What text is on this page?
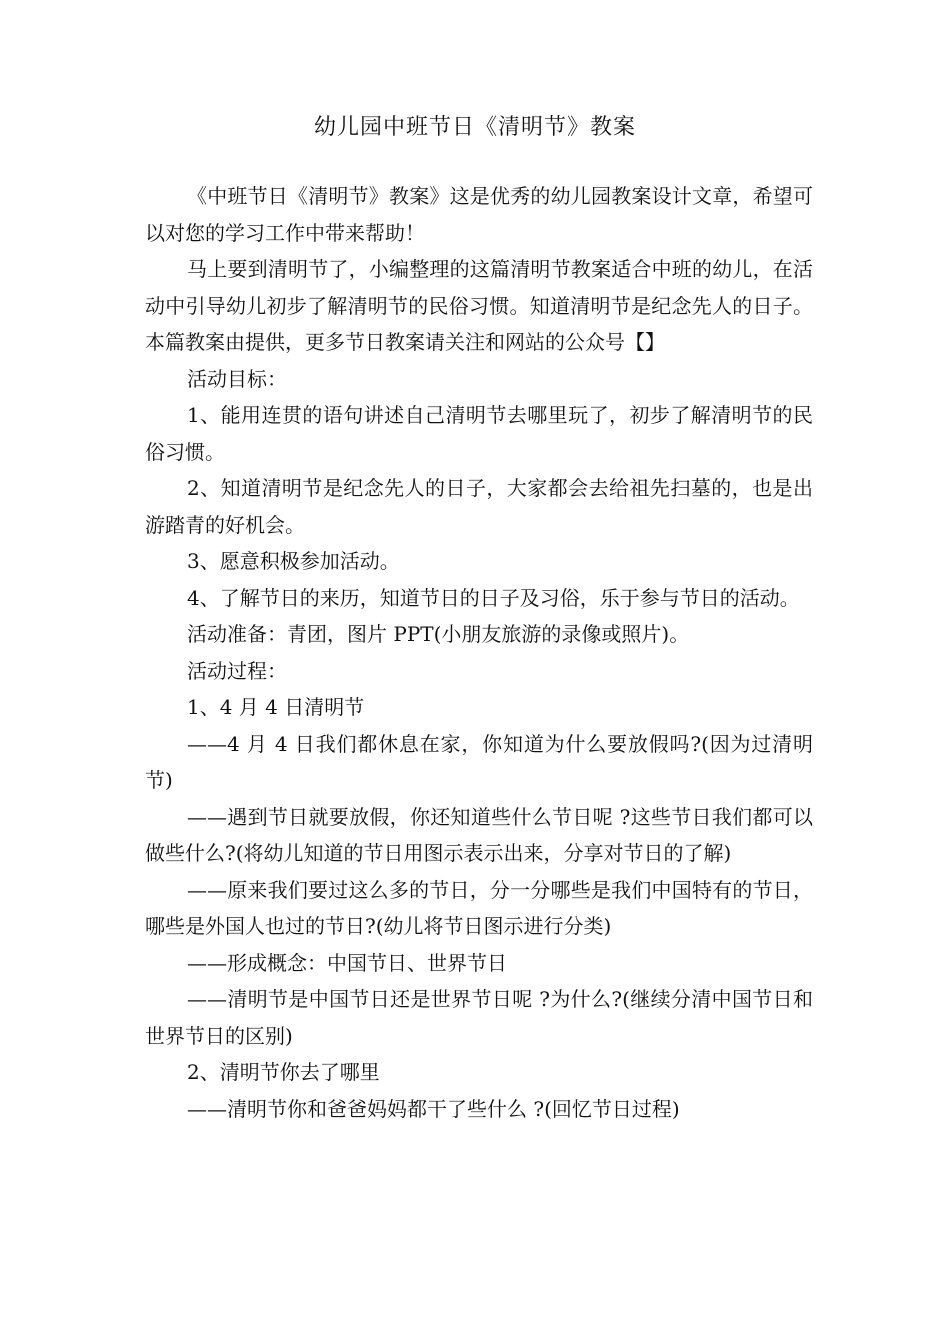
幼儿园中班节日《清明节》教案

《中班节日《清明节》教案》这是优秀的幼儿园教案设计文章，希望可以对您的学习工作中带来帮助！

马上要到清明节了，小编整理的这篇清明节教案适合中班的幼儿，在活动中引导幼儿初步了解清明节的民俗习惯。知道清明节是纪念先人的日子。本篇教案由提供，更多节日教案请关注和网站的公众号【】

活动目标：

1、能用连贯的语句讲述自己清明节去哪里玩了，初步了解清明节的民俗习惯。

2、知道清明节是纪念先人的日子，大家都会去给祖先扫墓的，也是出游踏青的好机会。

3、愿意积极参加活动。

4、了解节日的来历，知道节日的日子及习俗，乐于参与节日的活动。

活动准备：青团，图片 PPT(小朋友旅游的录像或照片)。

活动过程：

1、4 月 4 日清明节

——4 月 4 日我们都休息在家，你知道为什么要放假吗?(因为过清明节)

——遇到节日就要放假，你还知道些什么节日呢 ?这些节日我们都可以做些什么?(将幼儿知道的节日用图示表示出来，分享对节日的了解)

——原来我们要过这么多的节日，分一分哪些是我们中国特有的节日，哪些是外国人也过的节日?(幼儿将节日图示进行分类)

——形成概念：中国节日、世界节日

——清明节是中国节日还是世界节日呢 ?为什么?(继续分清中国节日和世界节日的区别)

2、清明节你去了哪里

——清明节你和爸爸妈妈都干了些什么 ?(回忆节日过程)
